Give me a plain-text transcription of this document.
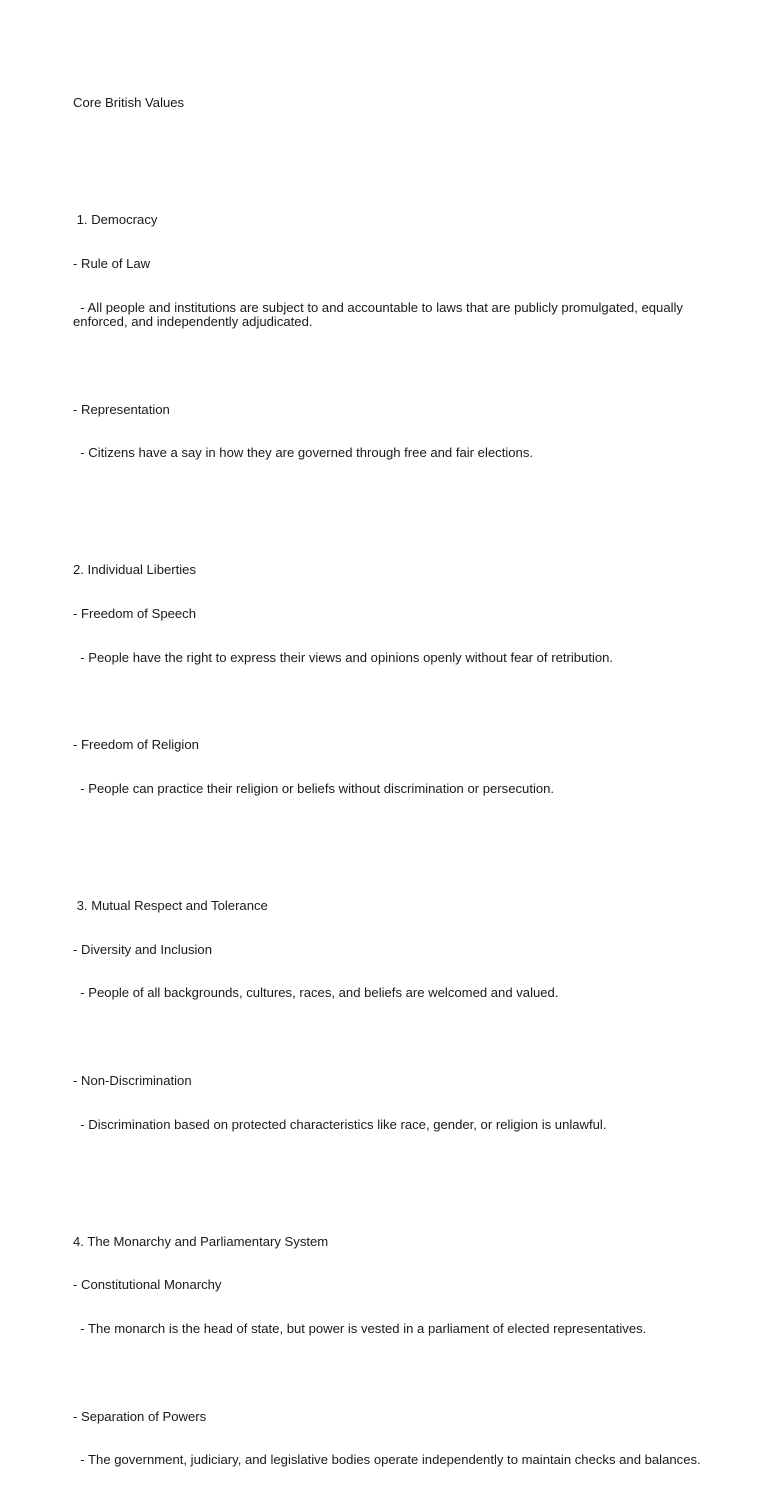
Core British Values

1. Democracy

- Rule of Law

- All people and institutions are subject to and accountable to laws that are publicly promulgated, equally enforced, and independently adjudicated.

- Representation

- Citizens have a say in how they are governed through free and fair elections.

2. Individual Liberties

- Freedom of Speech

- People have the right to express their views and opinions openly without fear of retribution.

- Freedom of Religion

- People can practice their religion or beliefs without discrimination or persecution.

3. Mutual Respect and Tolerance

- Diversity and Inclusion

- People of all backgrounds, cultures, races, and beliefs are welcomed and valued.

- Non-Discrimination

- Discrimination based on protected characteristics like race, gender, or religion is unlawful.

4. The Monarchy and Parliamentary System

- Constitutional Monarchy

- The monarch is the head of state, but power is vested in a parliament of elected representatives.

- Separation of Powers

- The government, judiciary, and legislative bodies operate independently to maintain checks and balances.
